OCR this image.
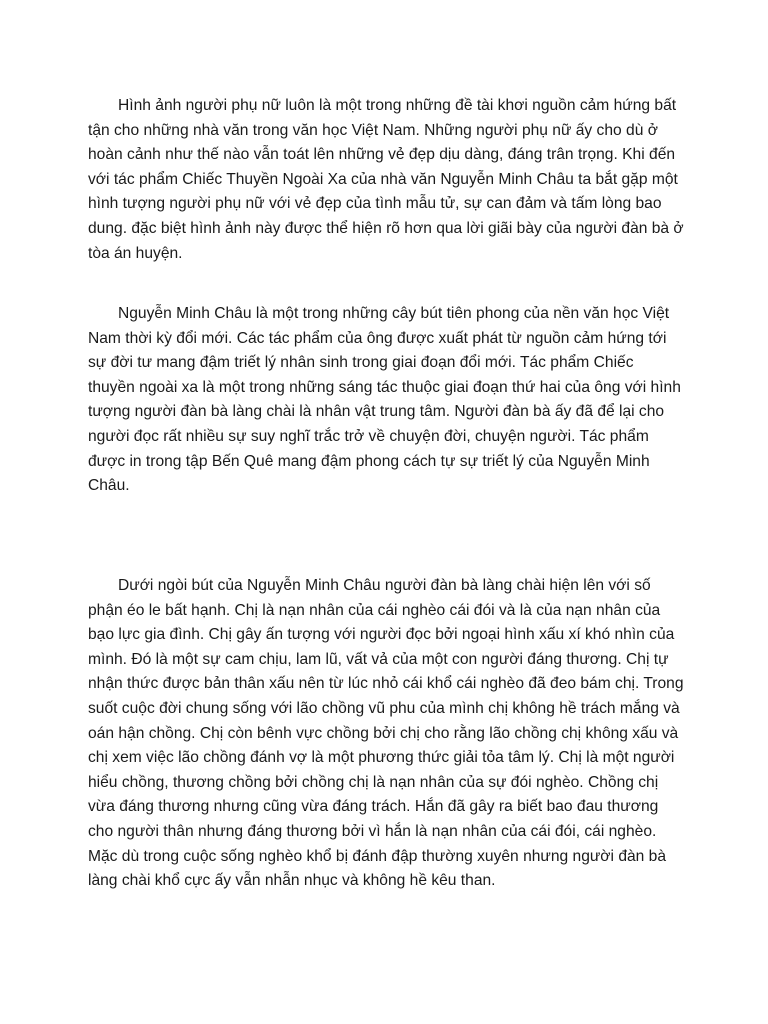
Hình ảnh người phụ nữ luôn là một trong những đề tài khơi nguồn cảm hứng bất tận cho những nhà văn trong văn học Việt Nam. Những người phụ nữ ấy cho dù ở hoàn cảnh như thế nào vẫn toát lên những vẻ đẹp dịu dàng, đáng trân trọng. Khi đến với tác phẩm Chiếc Thuyền Ngoài Xa của nhà văn Nguyễn Minh Châu ta bắt gặp một hình tượng người phụ nữ với vẻ đẹp của tình mẫu tử, sự can đảm và tấm lòng bao dung. đặc biệt hình ảnh này được thể hiện rõ hơn qua lời giãi bày của người đàn bà ở tòa án huyện.

Nguyễn Minh Châu là một trong những cây bút tiên phong của nền văn học Việt Nam thời kỳ đổi mới. Các tác phẩm của ông được xuất phát từ nguồn cảm hứng tới sự đời tư mang đậm triết lý nhân sinh trong giai đoạn đổi mới. Tác phẩm Chiếc thuyền ngoài xa là một trong những sáng tác thuộc giai đoạn thứ hai của ông với hình tượng người đàn bà làng chài là nhân vật trung tâm. Người đàn bà ấy đã để lại cho người đọc rất nhiều sự suy nghĩ trắc trở về chuyện đời, chuyện người. Tác phẩm được in trong tập Bến Quê mang đậm phong cách tự sự triết lý của Nguyễn Minh Châu.

Dưới ngòi bút của Nguyễn Minh Châu người đàn bà làng chài hiện lên với số phận éo le bất hạnh. Chị là nạn nhân của cái nghèo cái đói và là của nạn nhân của bạo lực gia đình. Chị gây ấn tượng với người đọc bởi ngoại hình xấu xí khó nhìn của mình. Đó là một sự cam chịu, lam lũ, vất vả của một con người đáng thương. Chị tự nhận thức được bản thân xấu nên từ lúc nhỏ cái khổ cái nghèo đã đeo bám chị. Trong suốt cuộc đời chung sống với lão chồng vũ phu của mình chị không hề trách mắng và oán hận chồng. Chị còn bênh vực chồng bởi chị cho rằng lão chồng chị không xấu và chị xem việc lão chồng đánh vợ là một phương thức giải tỏa tâm lý. Chị là một người hiểu chồng, thương chồng bởi chồng chị là nạn nhân của sự đói nghèo. Chồng chị vừa đáng thương nhưng cũng vừa đáng trách. Hắn đã gây ra biết bao đau thương cho người thân nhưng đáng thương bởi vì hắn là nạn nhân của cái đói, cái nghèo. Mặc dù trong cuộc sống nghèo khổ bị đánh đập thường xuyên nhưng người đàn bà làng chài khổ cực ấy vẫn nhẫn nhục và không hề kêu than.
